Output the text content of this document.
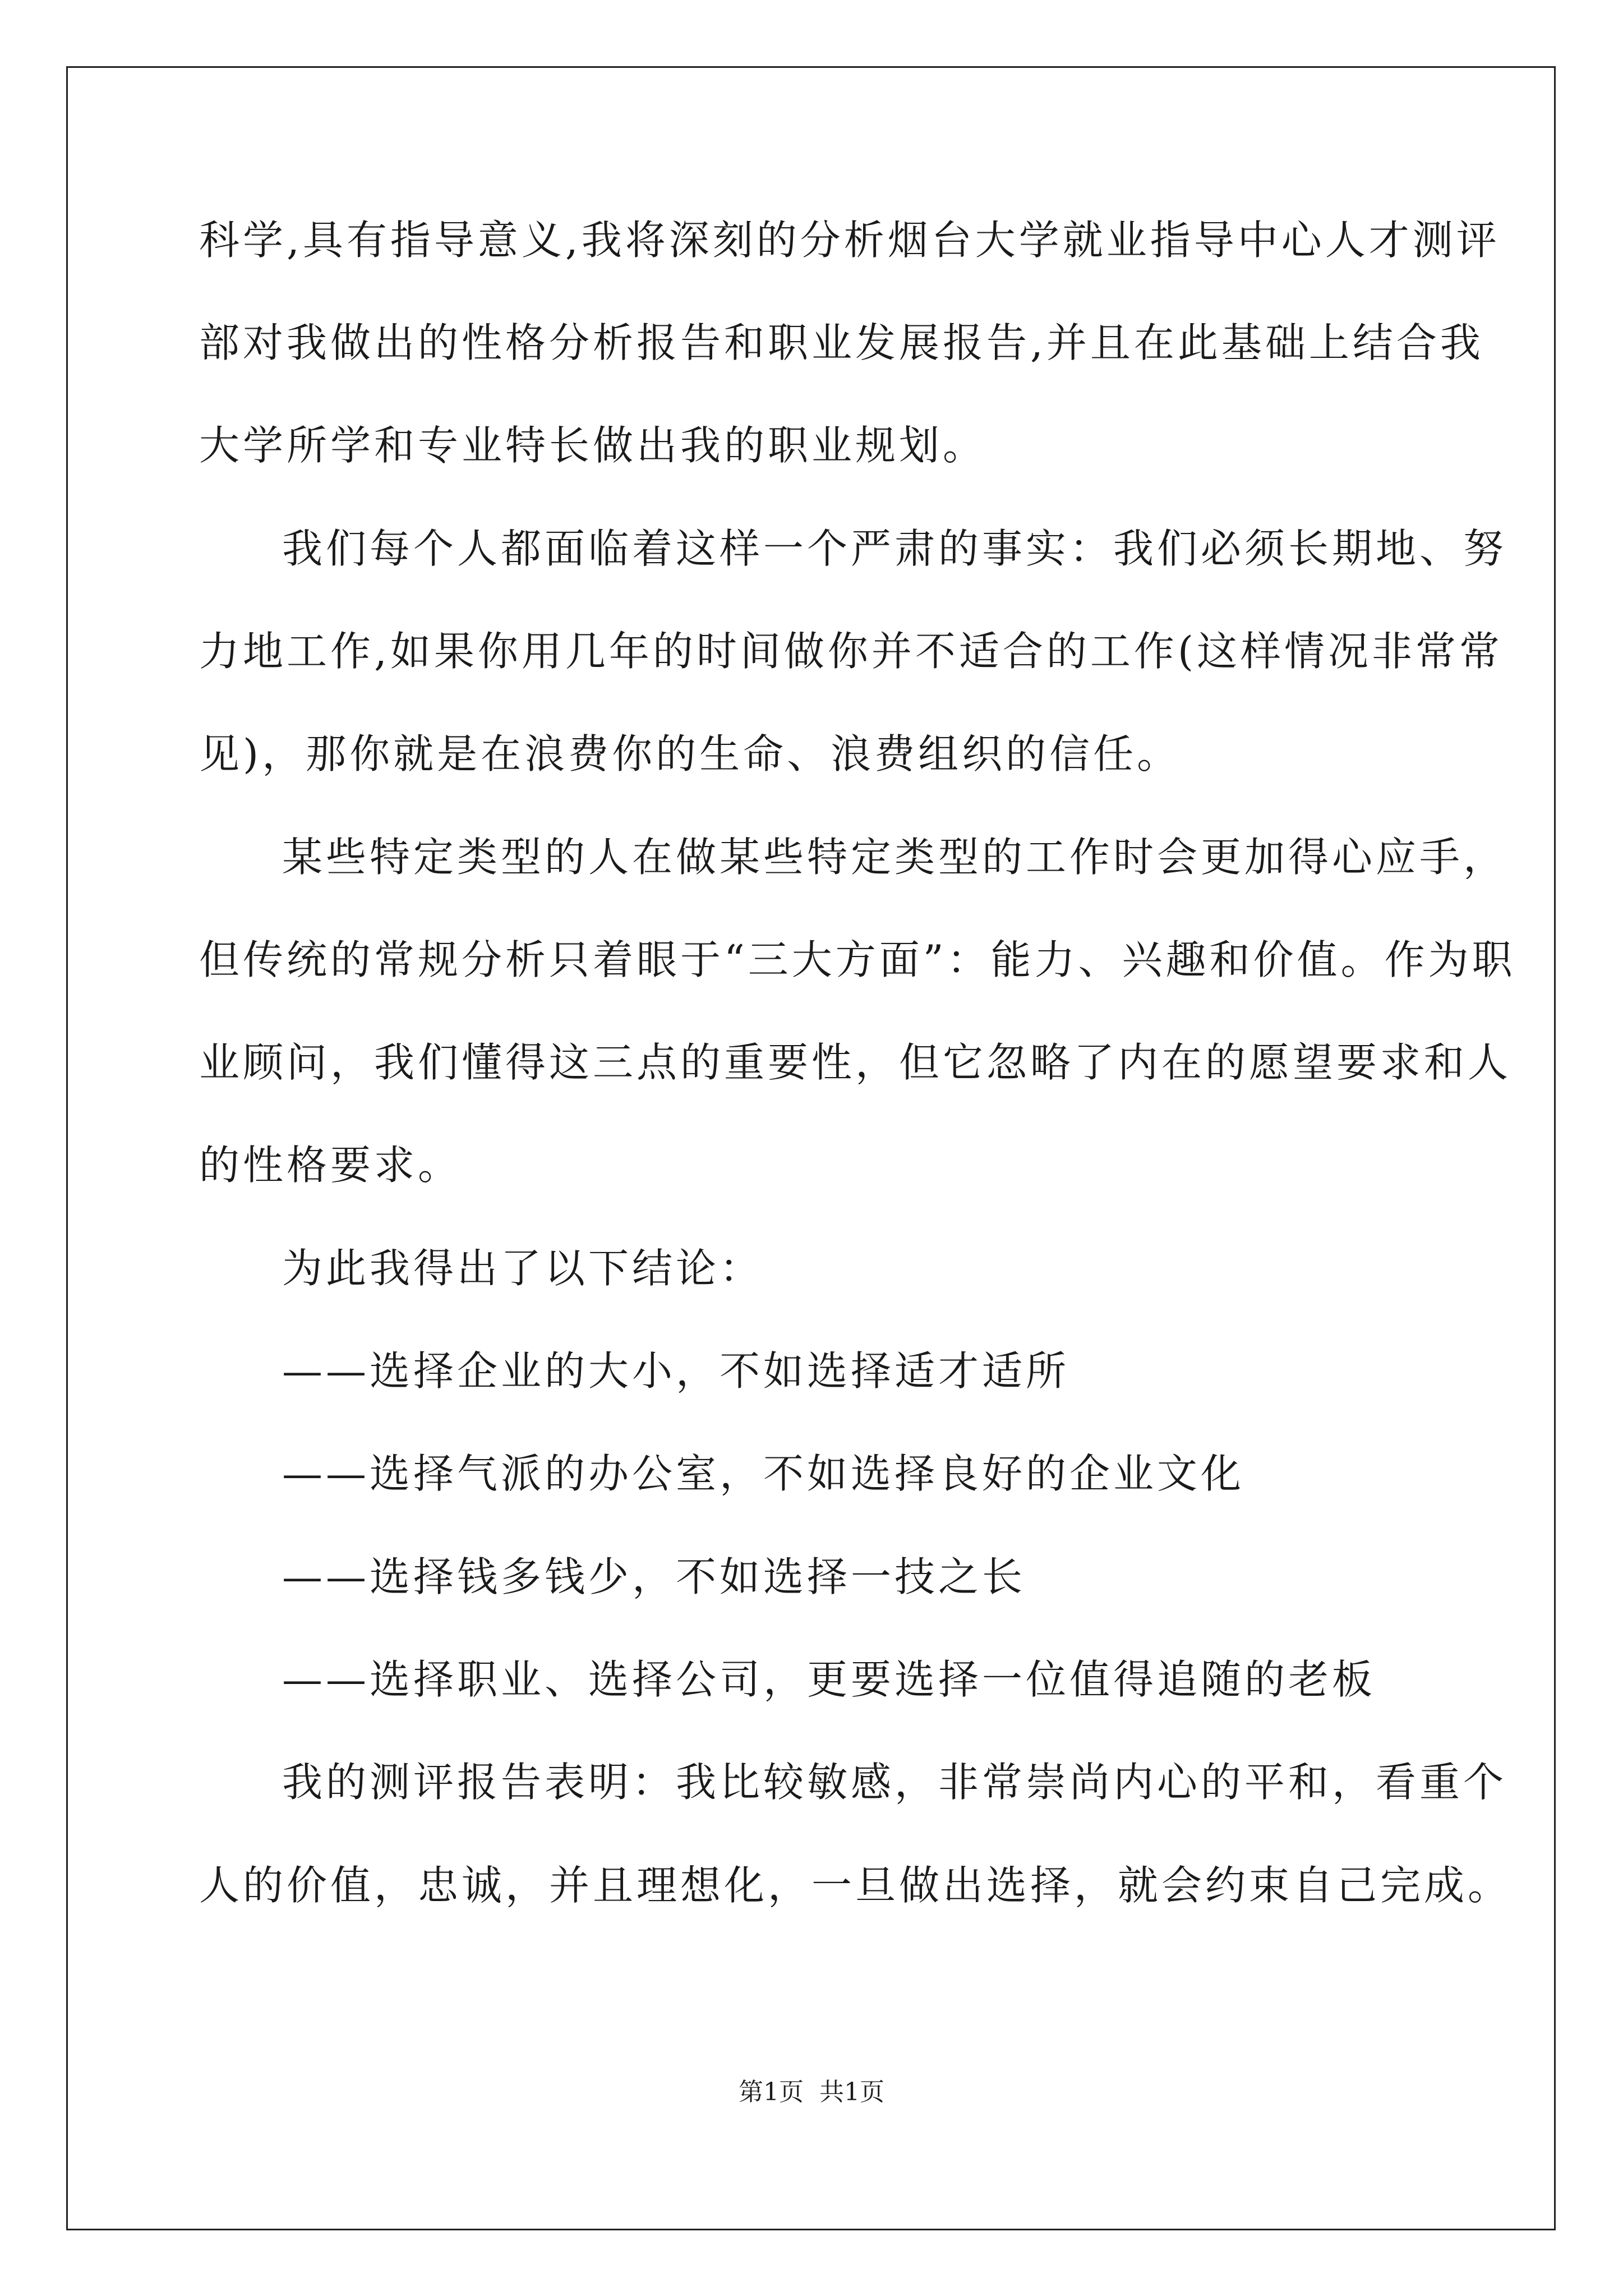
科学,具有指导意义,我将深刻的分析烟台大学就业指导中心人才测评
部对我做出的性格分析报告和职业发展报告,并且在此基础上结合我
大学所学和专业特长做出我的职业规划。
我们每个人都面临着这样一个严肃的事实：我们必须长期地、努
力地工作,如果你用几年的时间做你并不适合的工作(这样情况非常常
见)，那你就是在浪费你的生命、浪费组织的信任。
某些特定类型的人在做某些特定类型的工作时会更加得心应手，
但传统的常规分析只着眼于“三大方面”：能力、兴趣和价值。作为职
业顾问，我们懂得这三点的重要性，但它忽略了内在的愿望要求和人
的性格要求。
为此我得出了以下结论：
——选择企业的大小，不如选择适才适所
——选择气派的办公室，不如选择良好的企业文化
——选择钱多钱少，不如选择一技之长
——选择职业、选择公司，更要选择一位值得追随的老板
我的测评报告表明：我比较敏感，非常崇尚内心的平和，看重个
人的价值，忠诚，并且理想化，一旦做出选择，就会约束自己完成。
第1页  共1页
